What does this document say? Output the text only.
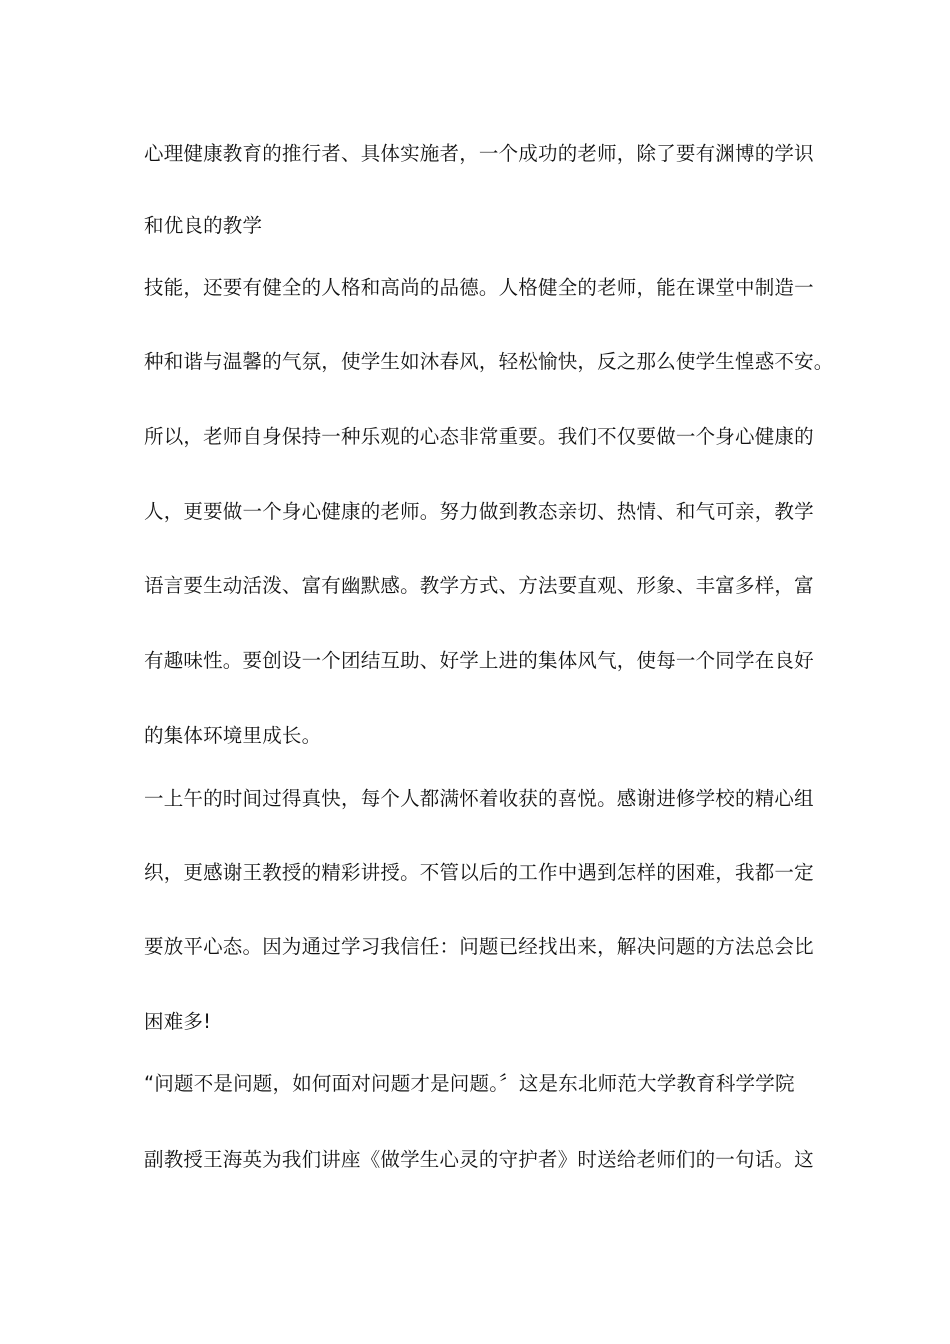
心理健康教育的推行者、具体实施者，一个成功的老师，除了要有渊博的学识
和优良的教学
技能，还要有健全的人格和高尚的品德。人格健全的老师，能在课堂中制造一
种和谐与温馨的气氛，使学生如沐春风，轻松愉快，反之那么使学生惶惑不安。
所以，老师自身保持一种乐观的心态非常重要。我们不仅要做一个身心健康的
人，更要做一个身心健康的老师。努力做到教态亲切、热情、和气可亲，教学
语言要生动活泼、富有幽默感。教学方式、方法要直观、形象、丰富多样，富
有趣味性。要创设一个团结互助、好学上进的集体风气，使每一个同学在良好
的集体环境里成长。
一上午的时间过得真快，每个人都满怀着收获的喜悦。感谢进修学校的精心组
织，更感谢王教授的精彩讲授。不管以后的工作中遇到怎样的困难，我都一定
要放平心态。因为通过学习我信任：问题已经找出来，解决问题的方法总会比
困难多!
“问题不是问题，如何面对问题才是问题。〞这是东北师范大学教育科学学院
副教授王海英为我们讲座《做学生心灵的守护者》时送给老师们的一句话。这
